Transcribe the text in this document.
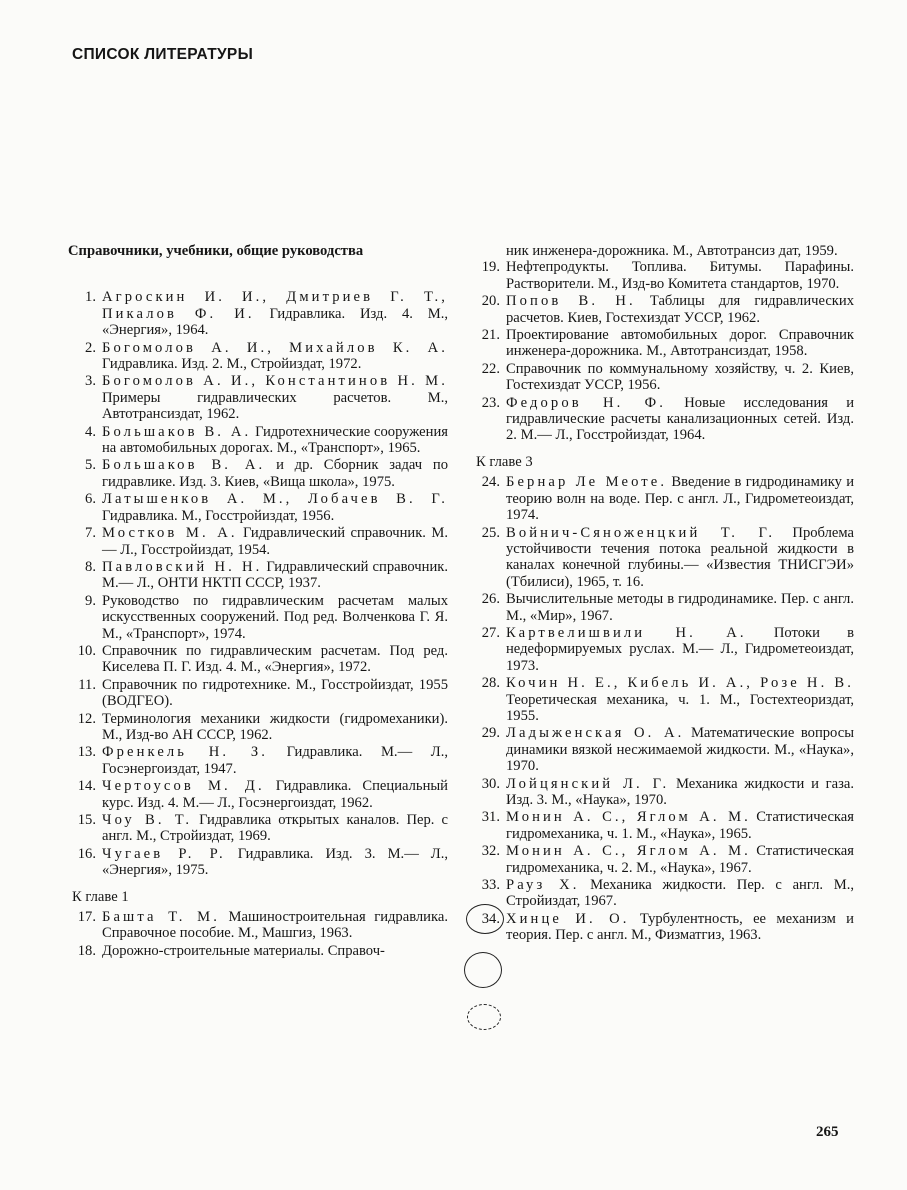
СПИСОК ЛИТЕРАТУРЫ
Справочники, учебники, общие руководства
1. Агроскин И. И., Дмитриев Г. Т., Пикалов Ф. И. Гидравлика. Изд. 4. М., «Энергия», 1964.
2. Богомолов А. И., Михайлов К. А. Гидравлика. Изд. 2. М., Стройиздат, 1972.
3. Богомолов А. И., Константинов Н. М. Примеры гидравлических расчетов. М., Автотрансиздат, 1962.
4. Большаков В. А. Гидротехнические сооружения на автомобильных дорогах. М., «Транспорт», 1965.
5. Большаков В. А. и др. Сборник задач по гидравлике. Изд. 3. Киев, «Вища школа», 1975.
6. Латышенков А. М., Лобачев В. Г. Гидравлика. М., Госстройиздат, 1956.
7. Мостков М. А. Гидравлический справочник. М.— Л., Госстройиздат, 1954.
8. Павловский Н. Н. Гидравлический справочник. М.— Л., ОНТИ НКТП СССР, 1937.
9. Руководство по гидравлическим расчетам малых искусственных сооружений. Под ред. Волченкова Г. Я. М., «Транспорт», 1974.
10. Справочник по гидравлическим расчетам. Под ред. Киселева П. Г. Изд. 4. М., «Энергия», 1972.
11. Справочник по гидротехнике. М., Госстройиздат, 1955 (ВОДГЕО).
12. Терминология механики жидкости (гидромеханики). М., Изд-во АН СССР, 1962.
13. Френкель Н. З. Гидравлика. М.— Л., Госэнергоиздат, 1947.
14. Чертоусов М. Д. Гидравлика. Специальный курс. Изд. 4. М.— Л., Госэнергоиздат, 1962.
15. Чоу В. Т. Гидравлика открытых каналов. Пер. с англ. М., Стройиздат, 1969.
16. Чугаев Р. Р. Гидравлика. Изд. 3. М.— Л., «Энергия», 1975.
К главе 1
17. Башта Т. М. Машиностроительная гидравлика. Справочное пособие. М., Машгиз, 1963.
18. Дорожно-строительные материалы. Справоч-
ник инженера-дорожника. М., Автотрансиз дат, 1959.
19. Нефтепродукты. Топлива. Битумы. Парафины. Растворители. М., Изд-во Комитета стандартов, 1970.
20. Попов В. Н. Таблицы для гидравлических расчетов. Киев, Гостехиздат УССР, 1962.
21. Проектирование автомобильных дорог. Справочник инженера-дорожника. М., Автотрансиздат, 1958.
22. Справочник по коммунальному хозяйству, ч. 2. Киев, Гостехиздат УССР, 1956.
23. Федоров Н. Ф. Новые исследования и гидравлические расчеты канализационных сетей. Изд. 2. М.— Л., Госстройиздат, 1964.
К главе 3
24. Бернар Ле Меоте. Введение в гидродинамику и теорию волн на воде. Пер. с англ. Л., Гидрометеоиздат, 1974.
25. Войнич-Сяноженцкий Т. Г. Проблема устойчивости течения потока реальной жидкости в каналах конечной глубины.— «Известия ТНИСГЭИ» (Тбилиси), 1965, т. 16.
26. Вычислительные методы в гидродинамике. Пер. с англ. М., «Мир», 1967.
27. Картвелишвили Н. А. Потоки в недеформируемых руслах. М.— Л., Гидрометеоиздат, 1973.
28. Кочин Н. Е., Кибель И. А., Розе Н. В. Теоретическая механика, ч. 1. М., Гостехтеориздат, 1955.
29. Ладыженская О. А. Математические вопросы динамики вязкой несжимаемой жидкости. М., «Наука», 1970.
30. Лойцянский Л. Г. Механика жидкости и газа. Изд. 3. М., «Наука», 1970.
31. Монин А. С., Яглом А. М. Статистическая гидромеханика, ч. 1. М., «Наука», 1965.
32. Монин А. С., Яглом А. М. Статистическая гидромеханика, ч. 2. М., «Наука», 1967.
33. Рауз Х. Механика жидкости. Пер. с англ. М., Стройиздат, 1967.
34. Хинце И. О. Турбулентность, ее механизм и теория. Пер. с англ. М., Физматгиз, 1963.
265
